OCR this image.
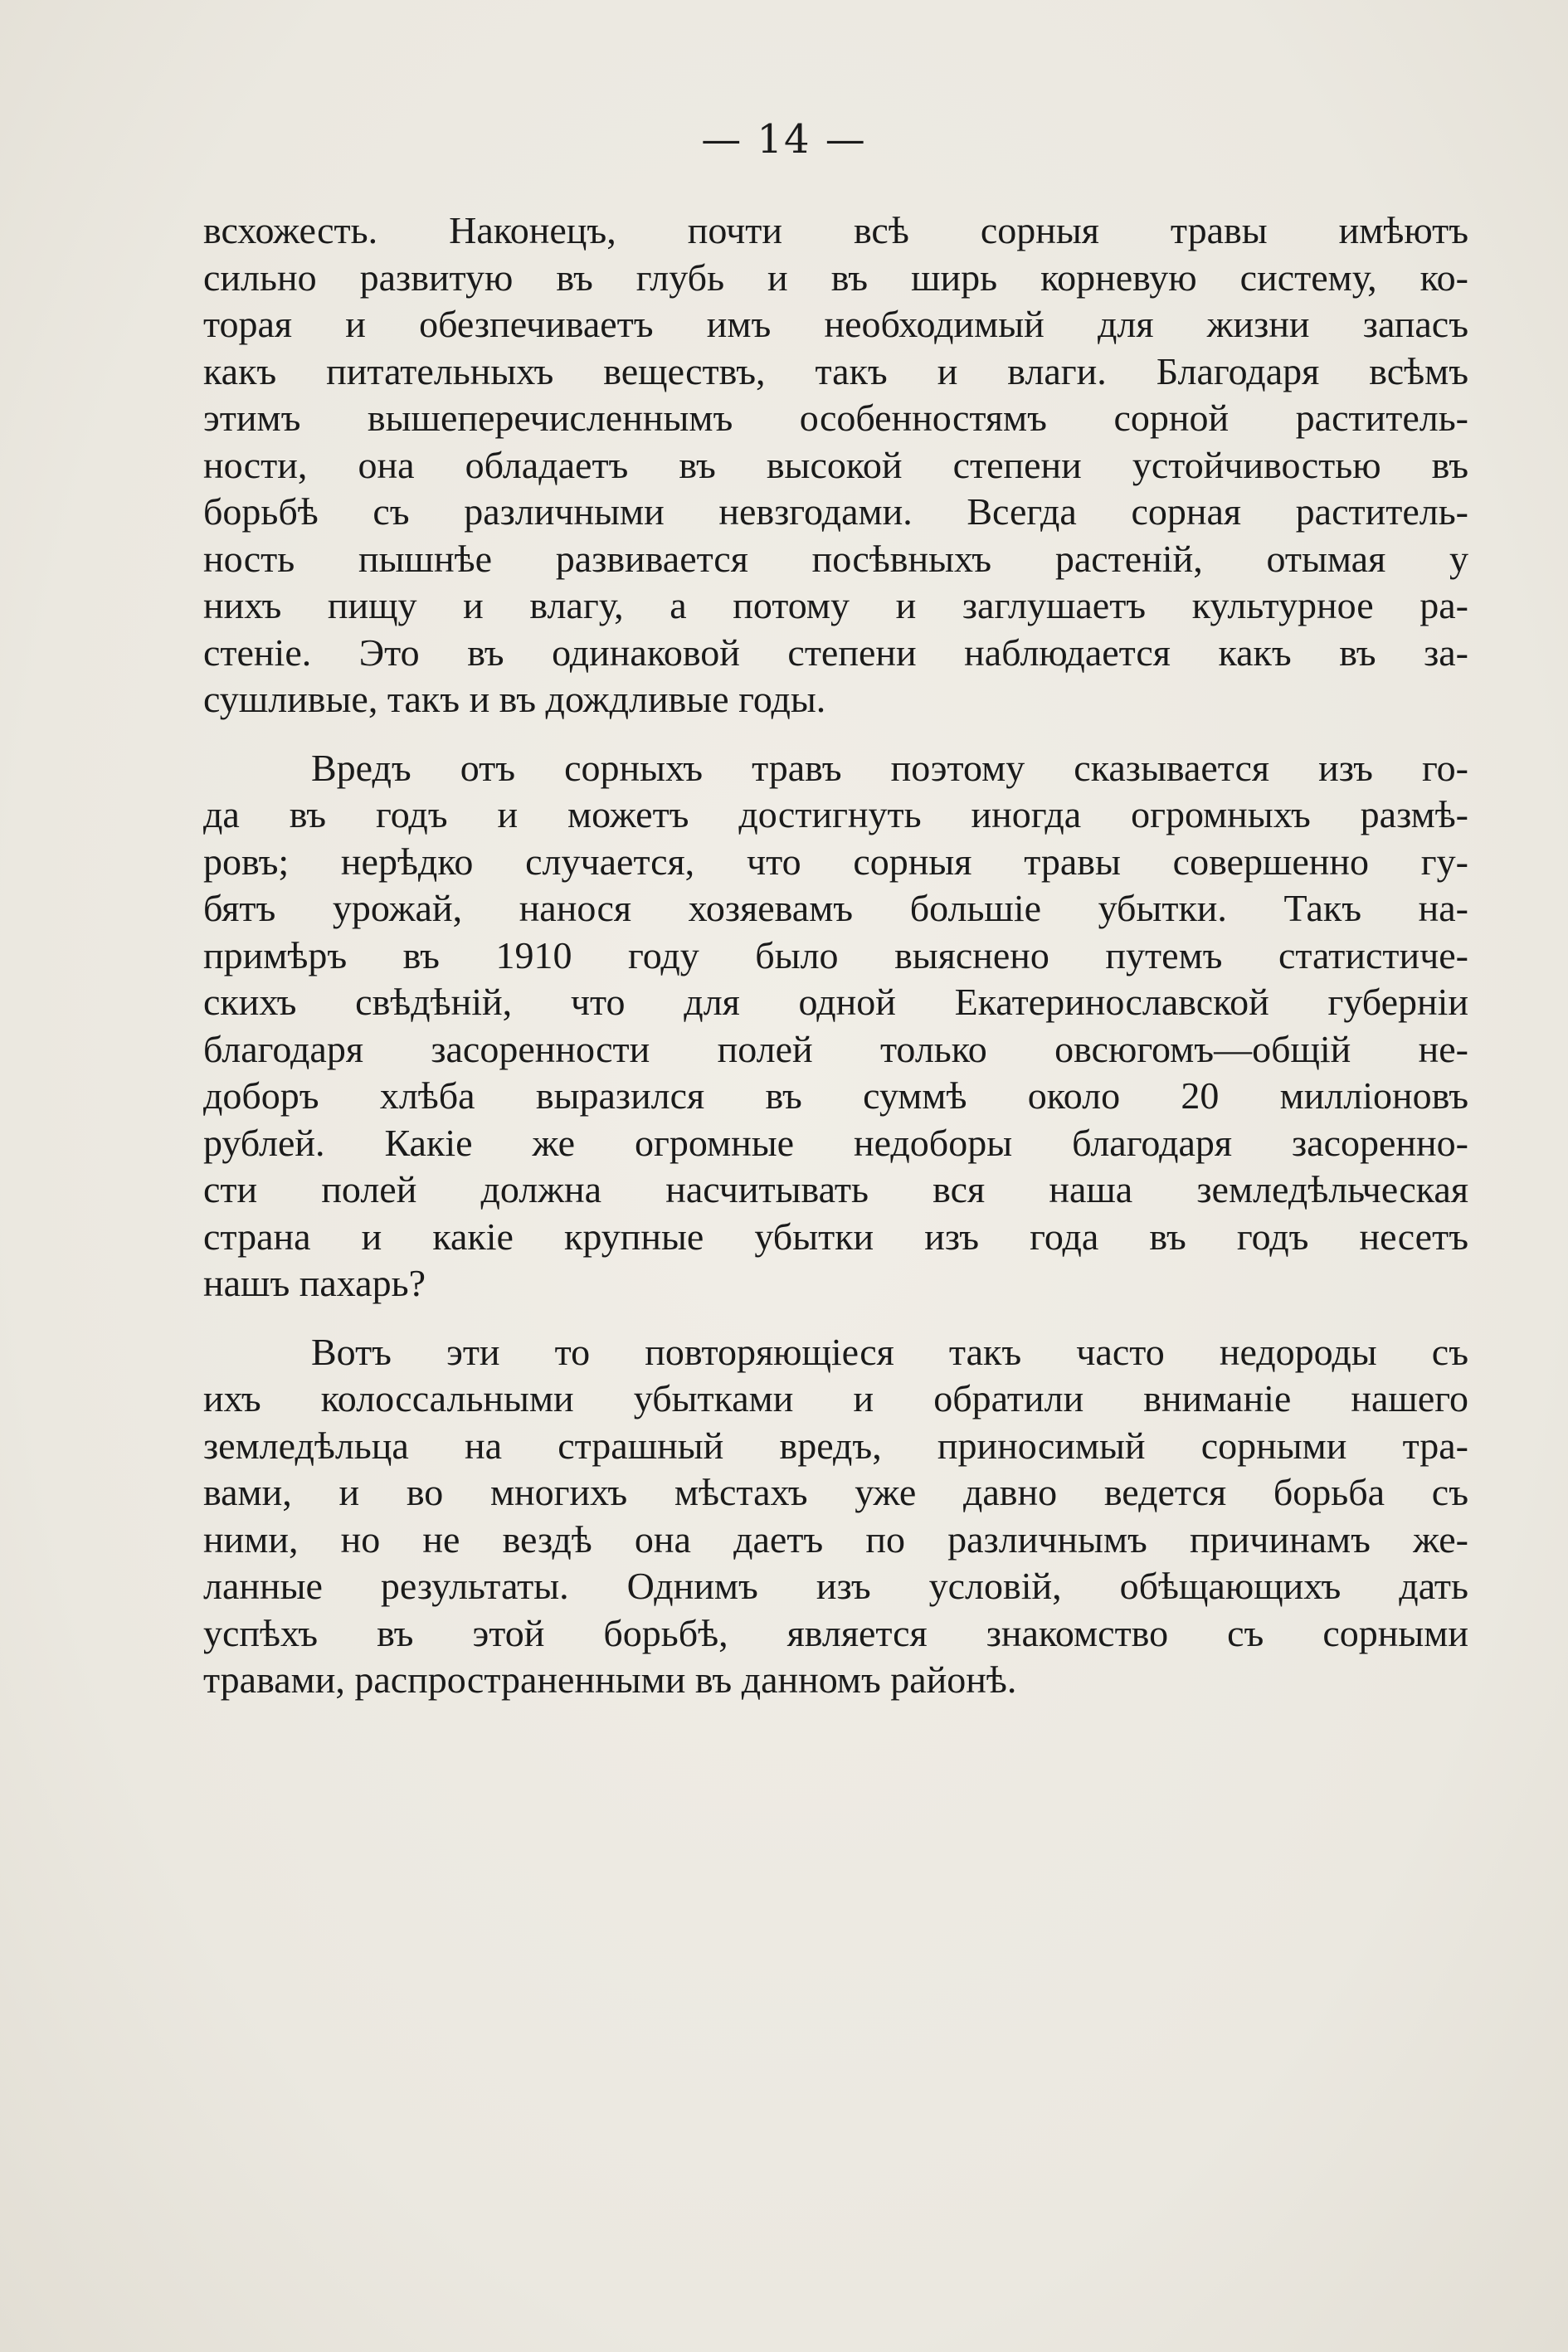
— 14 —
всхожесть. Наконецъ, почти всѣ сорныя травы имѣютъ
сильно развитую въ глубь и въ ширь корневую систему, ко-
торая и обезпечиваетъ имъ необходимый для жизни запасъ
какъ питательныхъ веществъ, такъ и влаги. Благодаря всѣмъ
этимъ вышеперечисленнымъ особенностямъ сорной раститель-
ности, она обладаетъ въ высокой степени устойчивостью въ
борьбѣ съ различными невзгодами. Всегда сорная раститель-
ность пышнѣе развивается посѣвныхъ растеній, отымая у
нихъ пищу и влагу, а потому и заглушаетъ культурное ра-
стеніе. Это въ одинаковой степени наблюдается какъ въ за-
сушливые, такъ и въ дождливые годы.
Вредъ отъ сорныхъ травъ поэтому сказывается изъ го-
да въ годъ и можетъ достигнуть иногда огромныхъ размѣ-
ровъ; нерѣдко случается, что сорныя травы совершенно гу-
бятъ урожай, нанося хозяевамъ большіе убытки. Такъ на-
примѣръ въ 1910 году было выяснено путемъ статистиче-
скихъ свѣдѣній, что для одной Екатеринославской губерніи
благодаря засоренности полей только овсюгомъ—общій не-
доборъ хлѣба выразился въ суммѣ около 20 милліоновъ
рублей. Какіе же огромные недоборы благодаря засоренно-
сти полей должна насчитывать вся наша земледѣльческая
страна и какіе крупные убытки изъ года въ годъ несетъ
нашъ пахарь?
Вотъ эти то повторяющіеся такъ часто недороды съ
ихъ колоссальными убытками и обратили вниманіе нашего
земледѣльца на страшный вредъ, приносимый сорными тра-
вами, и во многихъ мѣстахъ уже давно ведется борьба съ
ними, но не вездѣ она даетъ по различнымъ причинамъ же-
ланные результаты. Однимъ изъ условій, обѣщающихъ дать
успѣхъ въ этой борьбѣ, является знакомство съ сорными
травами, распространенными въ данномъ районѣ.
